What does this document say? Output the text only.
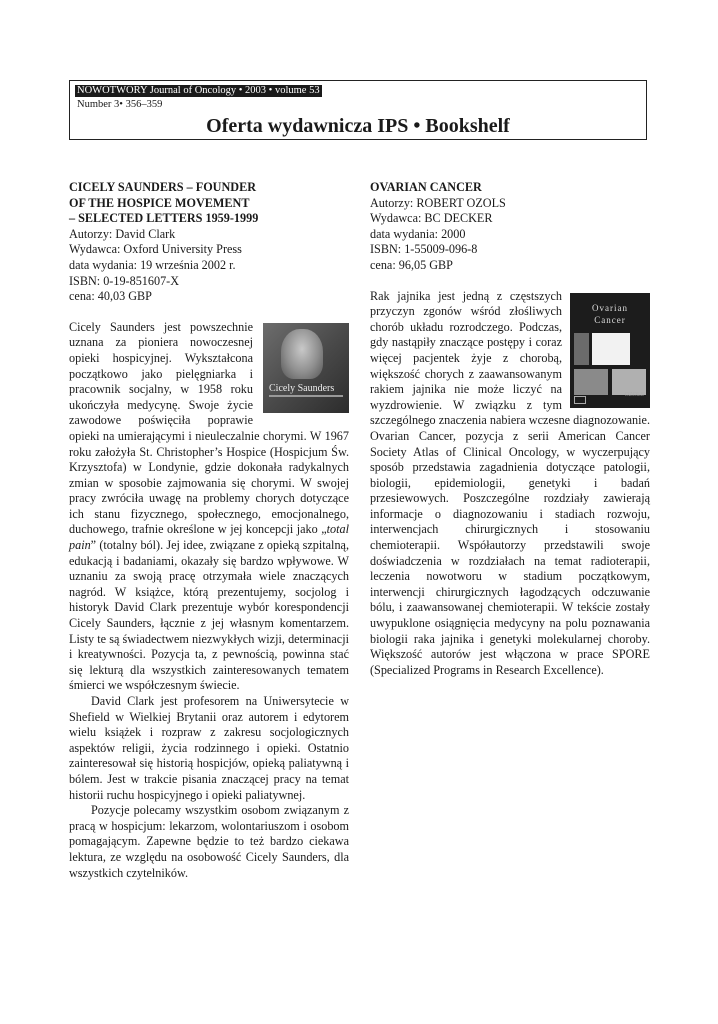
NOWOTWORY Journal of Oncology • 2003 • volume 53
Number 3• 356–359
Oferta wydawnicza IPS • Bookshelf

CICELY SAUNDERS – FOUNDER

OF THE HOSPICE MOVEMENT

– SELECTED LETTERS 1959-1999

Autorzy: David Clark

Wydawca: Oxford University Press

data wydania: 19 września 2002 r.

ISBN: 0-19-851607-X

cena: 40,03 GBP

Cicely Saunders

Cicely Saunders jest powszechnie uznana za pioniera nowoczesnej opieki hospicyjnej. Wykształcona początkowo jako pielęgniarka i pracownik socjalny, w 1958 roku ukończyła medycynę. Swoje życie zawodowe poświęciła poprawie opieki na umierającymi i nieuleczalnie chorymi. W 1967 roku założyła St. Christopher’s Hospice (Hospicjum Św. Krzysztofa) w Londynie, gdzie dokonała radykalnych zmian w sposobie zajmowania się chorymi. W swojej pracy zwróciła uwagę na problemy chorych dotyczące ich stanu fizycznego, społecznego, emocjonalnego, duchowego, trafnie określone w jej koncepcji jako „total pain” (totalny ból). Jej idee, związane z opieką szpitalną, edukacją i badaniami, okazały się bardzo wpływowe. W uznaniu za swoją pracę otrzymała wiele znaczących nagród. W książce, którą prezentujemy, socjolog i historyk David Clark prezentuje wybór korespondencji Cicely Saunders, łącznie z jej własnym komentarzem. Listy te są świadectwem niezwykłych wizji, determinacji i kreatywności. Pozycja ta, z pewnością, powinna stać się lekturą dla wszystkich zainteresowanych tematem śmierci we współczesnym świecie.

David Clark jest profesorem na Uniwersytecie w Shefield w Wielkiej Brytanii oraz autorem i edytorem wielu książek i rozpraw z zakresu socjologicznych aspektów religii, życia rodzinnego i opieki. Ostatnio zainteresował się historią hospicjów, opieką paliatywną i bólem. Jest w trakcie pisania znaczącej pracy na temat historii ruchu hospicyjnego i opieki paliatywnej.

Pozycje polecamy wszystkim osobom związanym z pracą w hospicjum: lekarzom, wolontariuszom i osobom pomagającym. Zapewne będzie to też bardzo ciekawa lektura, ze względu na osobowość Cicely Saunders, dla wszystkich czytelników.

OVARIAN CANCER

Autorzy: ROBERT OZOLS

Wydawca: BC DECKER

data wydania: 2000

ISBN: 1-55009-096-8

cena: 96,05 GBP

Ovarian
Cancer
OZOLS

Rak jajnika jest jedną z częstszych przyczyn zgonów wśród złośliwych chorób układu rozrodczego. Podczas, gdy nastąpiły znaczące postępy i coraz więcej pacjentek żyje z chorobą, większość chorych z zaawansowanym rakiem jajnika nie może liczyć na wyzdrowienie. W związku z tym szczególnego znaczenia nabiera wczesne diagnozowanie. Ovarian Cancer, pozycja z serii American Cancer Society Atlas of Clinical Oncology, w wyczerpujący sposób przedstawia zagadnienia dotyczące patologii, biologii, epidemiologii, genetyki i badań przesiewowych. Poszczególne rozdziały zawierają informacje o diagnozowaniu i stadiach rozwoju, interwencjach chirurgicznych i stosowaniu chemioterapii. Współautorzy przedstawili swoje doświadczenia w rozdziałach na temat radioterapii, leczenia nowotworu w stadium początkowym, interwencji chirurgicznych łagodzących odczuwanie bólu, i zaawansowanej chemioterapii. W tekście zostały uwypuklone osiągnięcia medycyny na polu poznawania biologii raka jajnika i genetyki molekularnej choroby. Większość autorów jest włączona w prace SPORE (Specialized Programs in Research Excellence).
